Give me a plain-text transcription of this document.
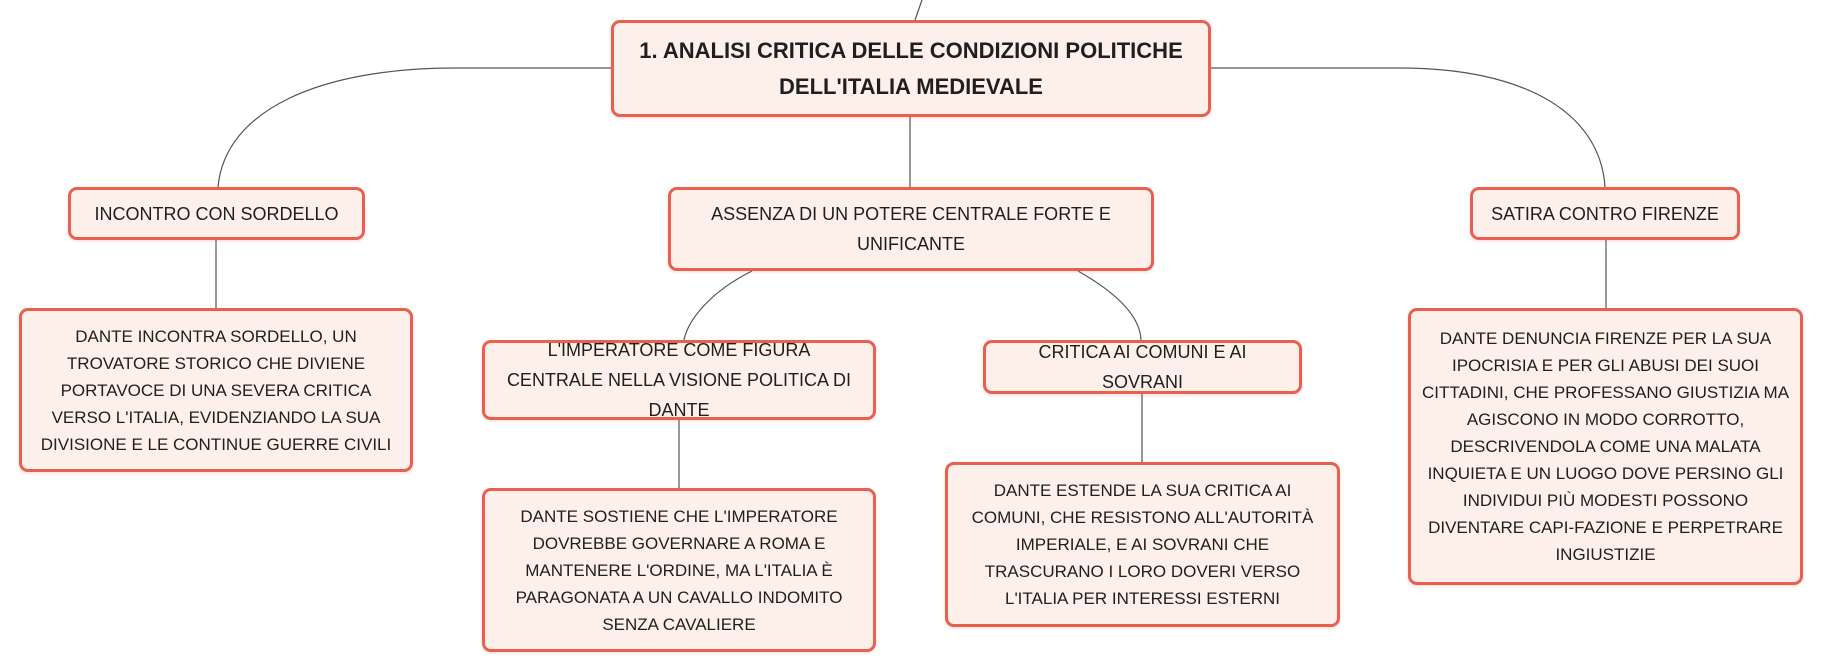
1. ANALISI CRITICA DELLE CONDIZIONI POLITICHE
DELL'ITALIA MEDIEVALE
INCONTRO CON SORDELLO	ASSENZA DI UN POTERE CENTRALE FORTE E UNIFICANTE
SATIRA CONTRO FIRENZE
DANTE INCONTRA SORDELLO, UN TROVATORE STORICO CHE DIVIENE PORTAVOCE DI UNA SEVERA CRITICA VERSO L'ITALIA, EVIDENZIANDO LA SUA DIVISIONE E LE CONTINUE GUERRE CIVILI
L'IMPERATORE COME FIGURA CENTRALE NELLA VISIONE POLITICA DI DANTE
CRITICA AI COMUNI E AI SOVRANI
DANTE SOSTIENE CHE L'IMPERATORE DOVREBBE GOVERNARE A ROMA E MANTENERE L'ORDINE, MA L'ITALIA È PARAGONATA A UN CAVALLO INDOMITO SENZA CAVALIERE
DANTE ESTENDE LA SUA CRITICA AI COMUNI, CHE RESISTONO ALL'AUTORITÀ IMPERIALE, E AI SOVRANI CHE TRASCURANO I LORO DOVERI VERSO L'ITALIA PER INTERESSI ESTERNI
DANTE DENUNCIA FIRENZE PER LA SUA IPOCRISIA E PER GLI ABUSI DEI SUOI CITTADINI, CHE PROFESSANO GIUSTIZIA MA AGISCONO IN MODO CORROTTO, DESCRIVENDOLA COME UNA MALATA INQUIETA E UN LUOGO DOVE PERSINO GLI INDIVIDUI PIÙ MODESTI POSSONO DIVENTARE CAPI-FAZIONE E PERPETRARE INGIUSTIZIE
